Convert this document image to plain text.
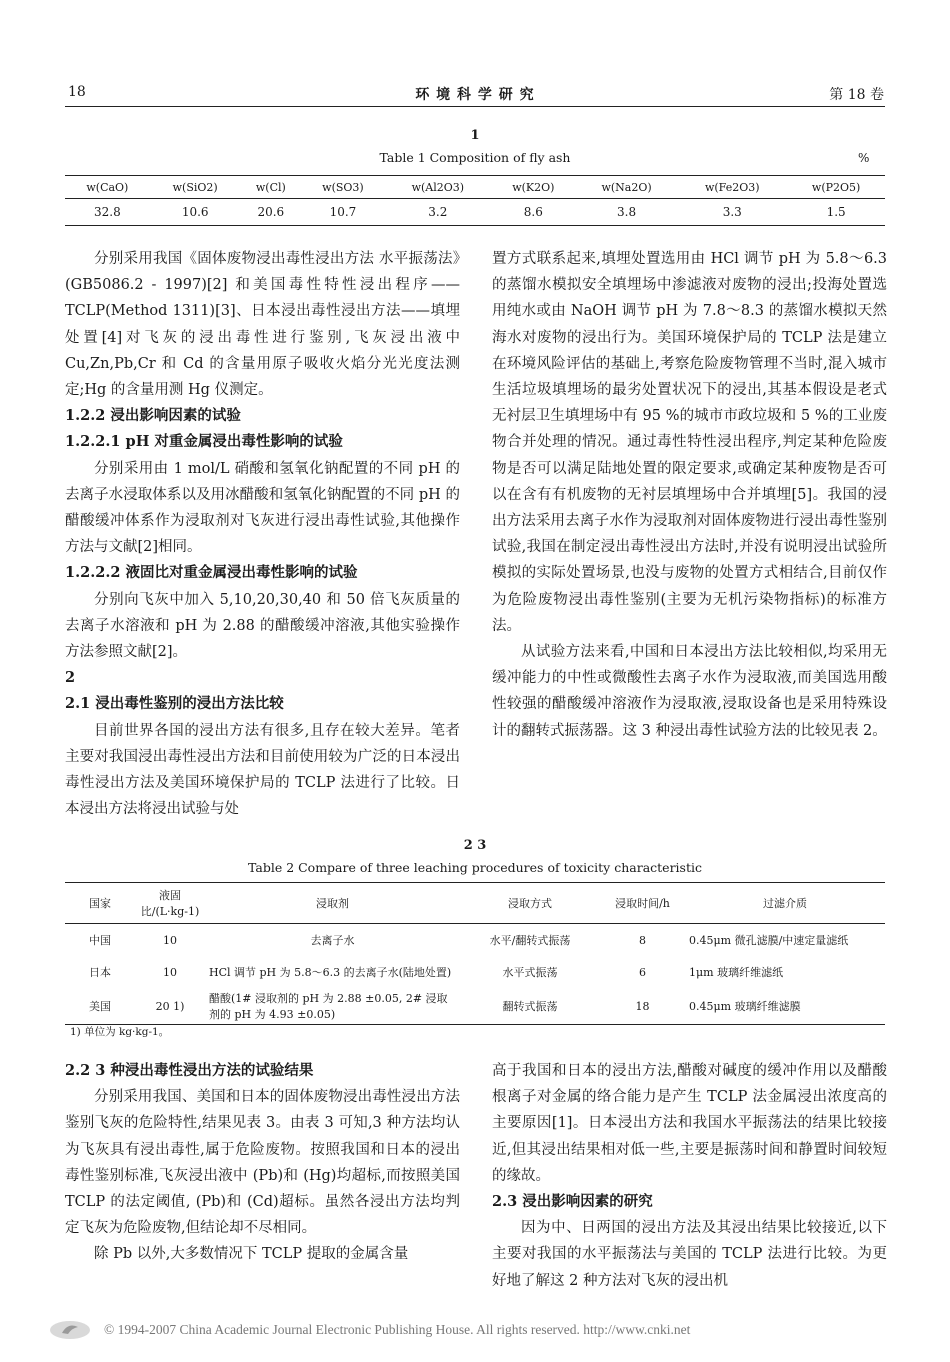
18	环 境 科 学 研 究	第 18 卷
1
Table 1 Composition of fly ash	%
w(CaO)	w(SiO2)	w(Cl)	w(SO3)	w(Al2O3)	w(K2O)	w(Na2O)	w(Fe2O3)	w(P2O5)
32.8	10.6	20.6	10.7	3.2	8.6	3.8	3.3	1.5

分别采用我国《固体废物浸出毒性浸出方法 水平振荡法》(GB5086.2 - 1997)[2] 和美国毒性特性浸出程序——TCLP(Method 1311)[3]、日本浸出毒性浸出方法——填埋处置[4]对飞灰的浸出毒性进行鉴别,飞灰浸出液中 Cu,Zn,Pb,Cr 和 Cd 的含量用原子吸收火焰分光光度法测定;Hg 的含量用测 Hg 仪测定。

1.2.2 浸出影响因素的试验

1.2.2.1 pH 对重金属浸出毒性影响的试验

分别采用由 1 mol/L 硝酸和氢氧化钠配置的不同 pH 的去离子水浸取体系以及用冰醋酸和氢氧化钠配置的不同 pH 的醋酸缓冲体系作为浸取剂对飞灰进行浸出毒性试验,其他操作方法与文献[2]相同。

1.2.2.2 液固比对重金属浸出毒性影响的试验

分别向飞灰中加入 5,10,20,30,40 和 50 倍飞灰质量的去离子水溶液和 pH 为 2.88 的醋酸缓冲溶液,其他实验操作方法参照文献[2]。

2

2.1 浸出毒性鉴别的浸出方法比较

目前世界各国的浸出方法有很多,且存在较大差异。笔者主要对我国浸出毒性浸出方法和目前使用较为广泛的日本浸出毒性浸出方法及美国环境保护局的 TCLP 法进行了比较。日本浸出方法将浸出试验与处

置方式联系起来,填埋处置选用由 HCl 调节 pH 为 5.8～6.3 的蒸馏水模拟安全填埋场中渗滤液对废物的浸出;投海处置选用纯水或由 NaOH 调节 pH 为 7.8～8.3 的蒸馏水模拟天然海水对废物的浸出行为。美国环境保护局的 TCLP 法是建立在环境风险评估的基础上,考察危险废物管理不当时,混入城市生活垃圾填埋场的最劣处置状况下的浸出,其基本假设是老式无衬层卫生填埋场中有 95 %的城市市政垃圾和 5 %的工业废物合并处理的情况。通过毒性特性浸出程序,判定某种危险废物是否可以满足陆地处置的限定要求,或确定某种废物是否可以在含有有机废物的无衬层填埋场中合并填埋[5]。我国的浸出方法采用去离子水作为浸取剂对固体废物进行浸出毒性鉴别试验,我国在制定浸出毒性浸出方法时,并没有说明浸出试验所模拟的实际处置场景,也没与废物的处置方式相结合,目前仅作为危险废物浸出毒性鉴别(主要为无机污染物指标)的标准方法。

从试验方法来看,中国和日本浸出方法比较相似,均采用无缓冲能力的中性或微酸性去离子水作为浸取液,而美国选用酸性较强的醋酸缓冲溶液作为浸取液,浸取设备也是采用特殊设计的翻转式振荡器。这 3 种浸出毒性试验方法的比较见表 2。

2 3
Table 2 Compare of three leaching procedures of toxicity characteristic
国家	液固比/(L·kg-1)	浸取剂	浸取方式	浸取时间/h	过滤介质
中国	10	去离子水	水平/翻转式振荡	8	0.45μm 微孔滤膜/中速定量滤纸
日本	10	HCl 调节 pH 为 5.8～6.3 的去离子水(陆地处置)	水平式振荡	6	1μm 玻璃纤维滤纸
美国	20 1)	醋酸(1# 浸取剂的 pH 为 2.88 ±0.05, 2# 浸取剂的 pH 为 4.93 ±0.05)	翻转式振荡	18	0.45μm 玻璃纤维滤膜
1) 单位为 kg·kg-1。

2.2 3 种浸出毒性浸出方法的试验结果

分别采用我国、美国和日本的固体废物浸出毒性浸出方法鉴别飞灰的危险特性,结果见表 3。由表 3 可知,3 种方法均认为飞灰具有浸出毒性,属于危险废物。按照我国和日本的浸出毒性鉴别标准,飞灰浸出液中 (Pb)和 (Hg)均超标,而按照美国 TCLP 的法定阈值, (Pb)和 (Cd)超标。虽然各浸出方法均判定飞灰为危险废物,但结论却不尽相同。

除 Pb 以外,大多数情况下 TCLP 提取的金属含量

高于我国和日本的浸出方法,醋酸对碱度的缓冲作用以及醋酸根离子对金属的络合能力是产生 TCLP 法金属浸出浓度高的主要原因[1]。日本浸出方法和我国水平振荡法的结果比较接近,但其浸出结果相对低一些,主要是振荡时间和静置时间较短的缘故。

2.3 浸出影响因素的研究

因为中、日两国的浸出方法及其浸出结果比较接近,以下主要对我国的水平振荡法与美国的 TCLP 法进行比较。为更好地了解这 2 种方法对飞灰的浸出机

© 1994-2007 China Academic Journal Electronic Publishing House. All rights reserved. http://www.cnki.net
